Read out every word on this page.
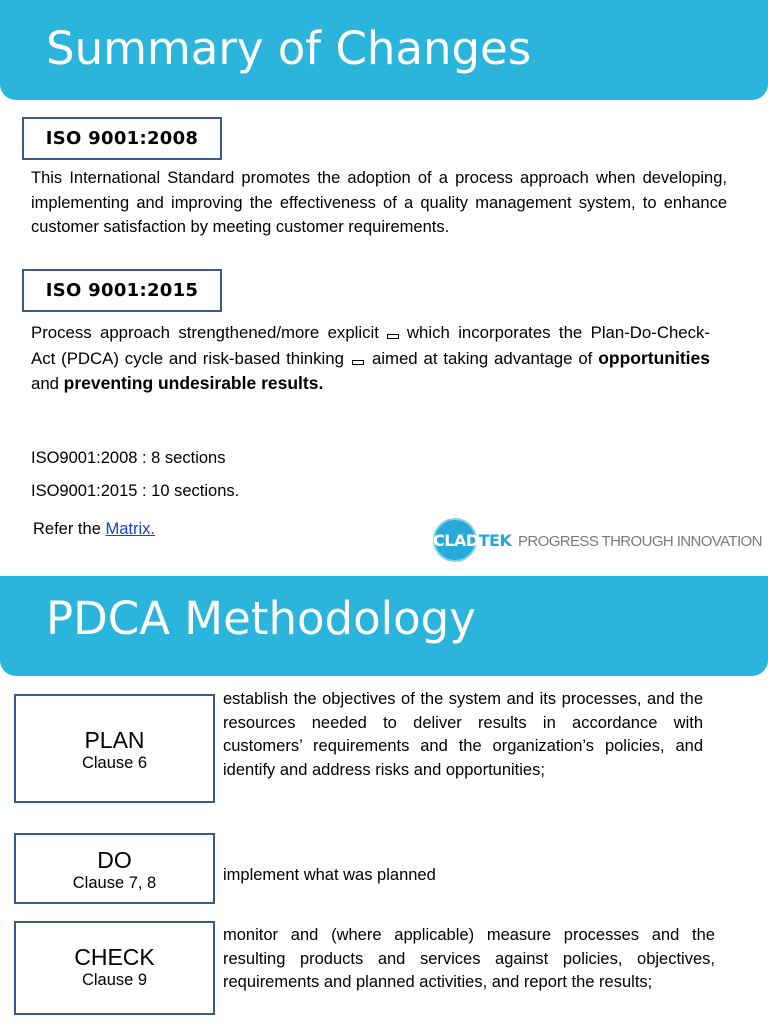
Summary of Changes
ISO 9001:2008

This International Standard promotes the adoption of a process approach when developing, implementing and improving the effectiveness of a quality management system, to enhance customer satisfaction by meeting customer requirements.

ISO 9001:2015

Process approach strengthened/more explicit which incorporates the Plan-Do-Check-Act (PDCA) cycle and risk-based thinking aimed at taking advantage of opportunities and preventing undesirable results.

ISO9001:2008 : 8 sections
ISO9001:2015 : 10 sections.
Refer the Matrix.
CLADTEK PROGRESS THROUGH INNOVATION
PDCA Methodology
PLAN
Clause 6

establish the objectives of the system and its processes, and the resources needed to deliver results in accordance with customers’ requirements and the organization’s policies, and identify and address risks and opportunities;

DO
Clause 7, 8	implement what was planned

CHECK
Clause 9

monitor and (where applicable) measure processes and the resulting products and services against policies, objectives, requirements and planned activities, and report the results;
